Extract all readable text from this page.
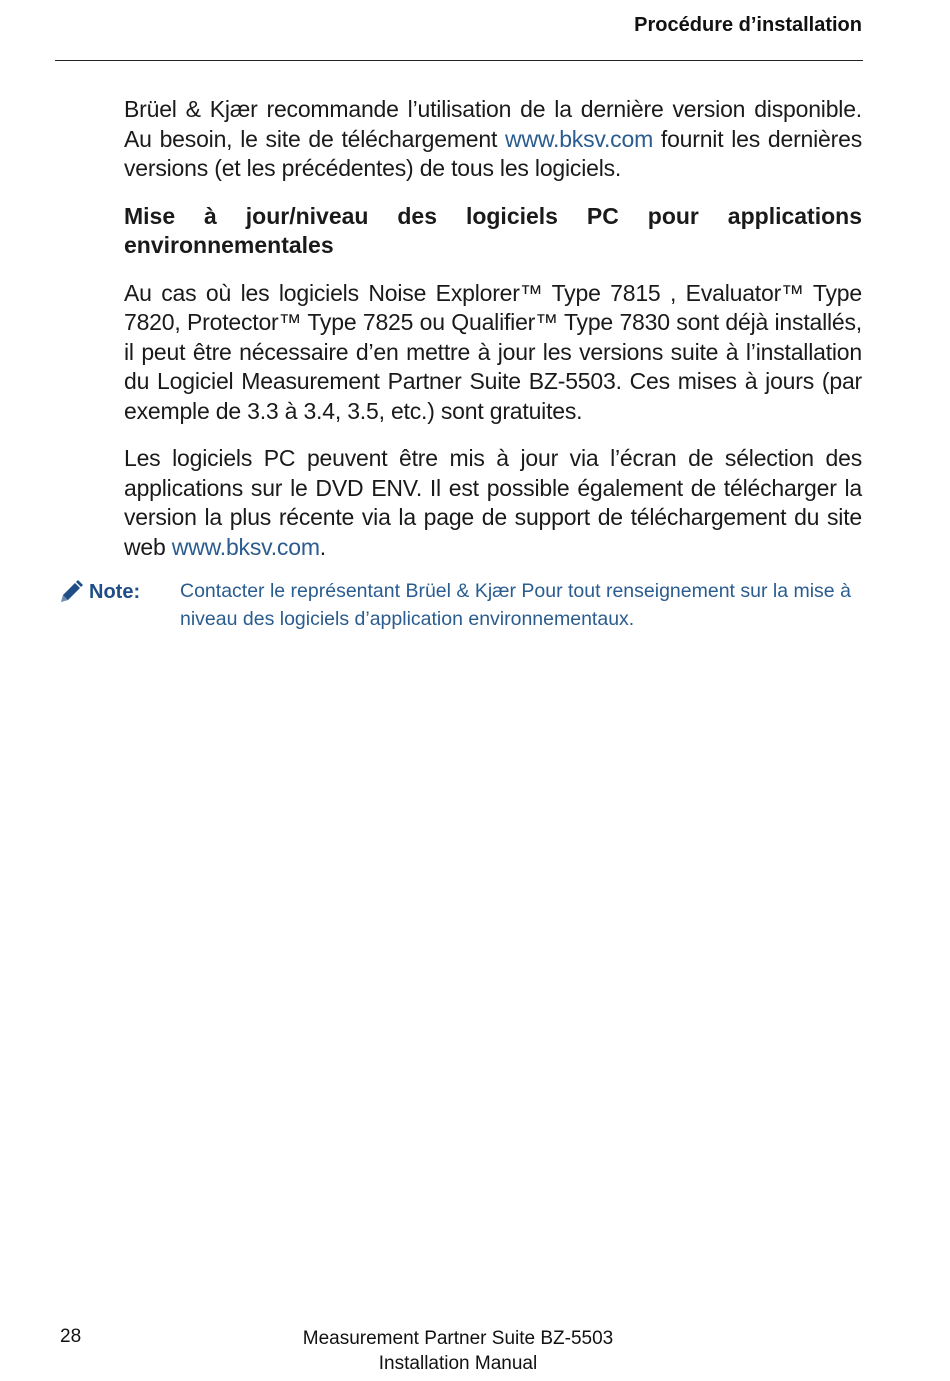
Procédure d’installation

Brüel & Kjær recommande l’utilisation de la dernière version disponible. Au besoin, le site de téléchargement www.bksv.com fournit les dernières versions (et les précédentes) de tous les logiciels.

Mise à jour/niveau des logiciels PC pour applications environnementales

Au cas où les logiciels Noise Explorer™ Type 7815 , Evaluator™ Type 7820, Protector™ Type 7825 ou Qualifier™ Type 7830 sont déjà installés, il peut être nécessaire d’en mettre à jour les versions suite à l’installation du Logiciel Measurement Partner Suite BZ-5503. Ces mises à jours (par exemple de 3.3 à 3.4, 3.5, etc.) sont gratuites.

Les logiciels PC peuvent être mis à jour via l’écran de sélection des applications sur le DVD ENV. Il est possible également de télécharger la version la plus récente via la page de support de téléchargement du site web www.bksv.com.

Note: Contacter le représentant Brüel & Kjær Pour tout renseignement sur la mise à niveau des logiciels d’application environnementaux.

28	Measurement Partner Suite BZ-5503
Installation Manual
